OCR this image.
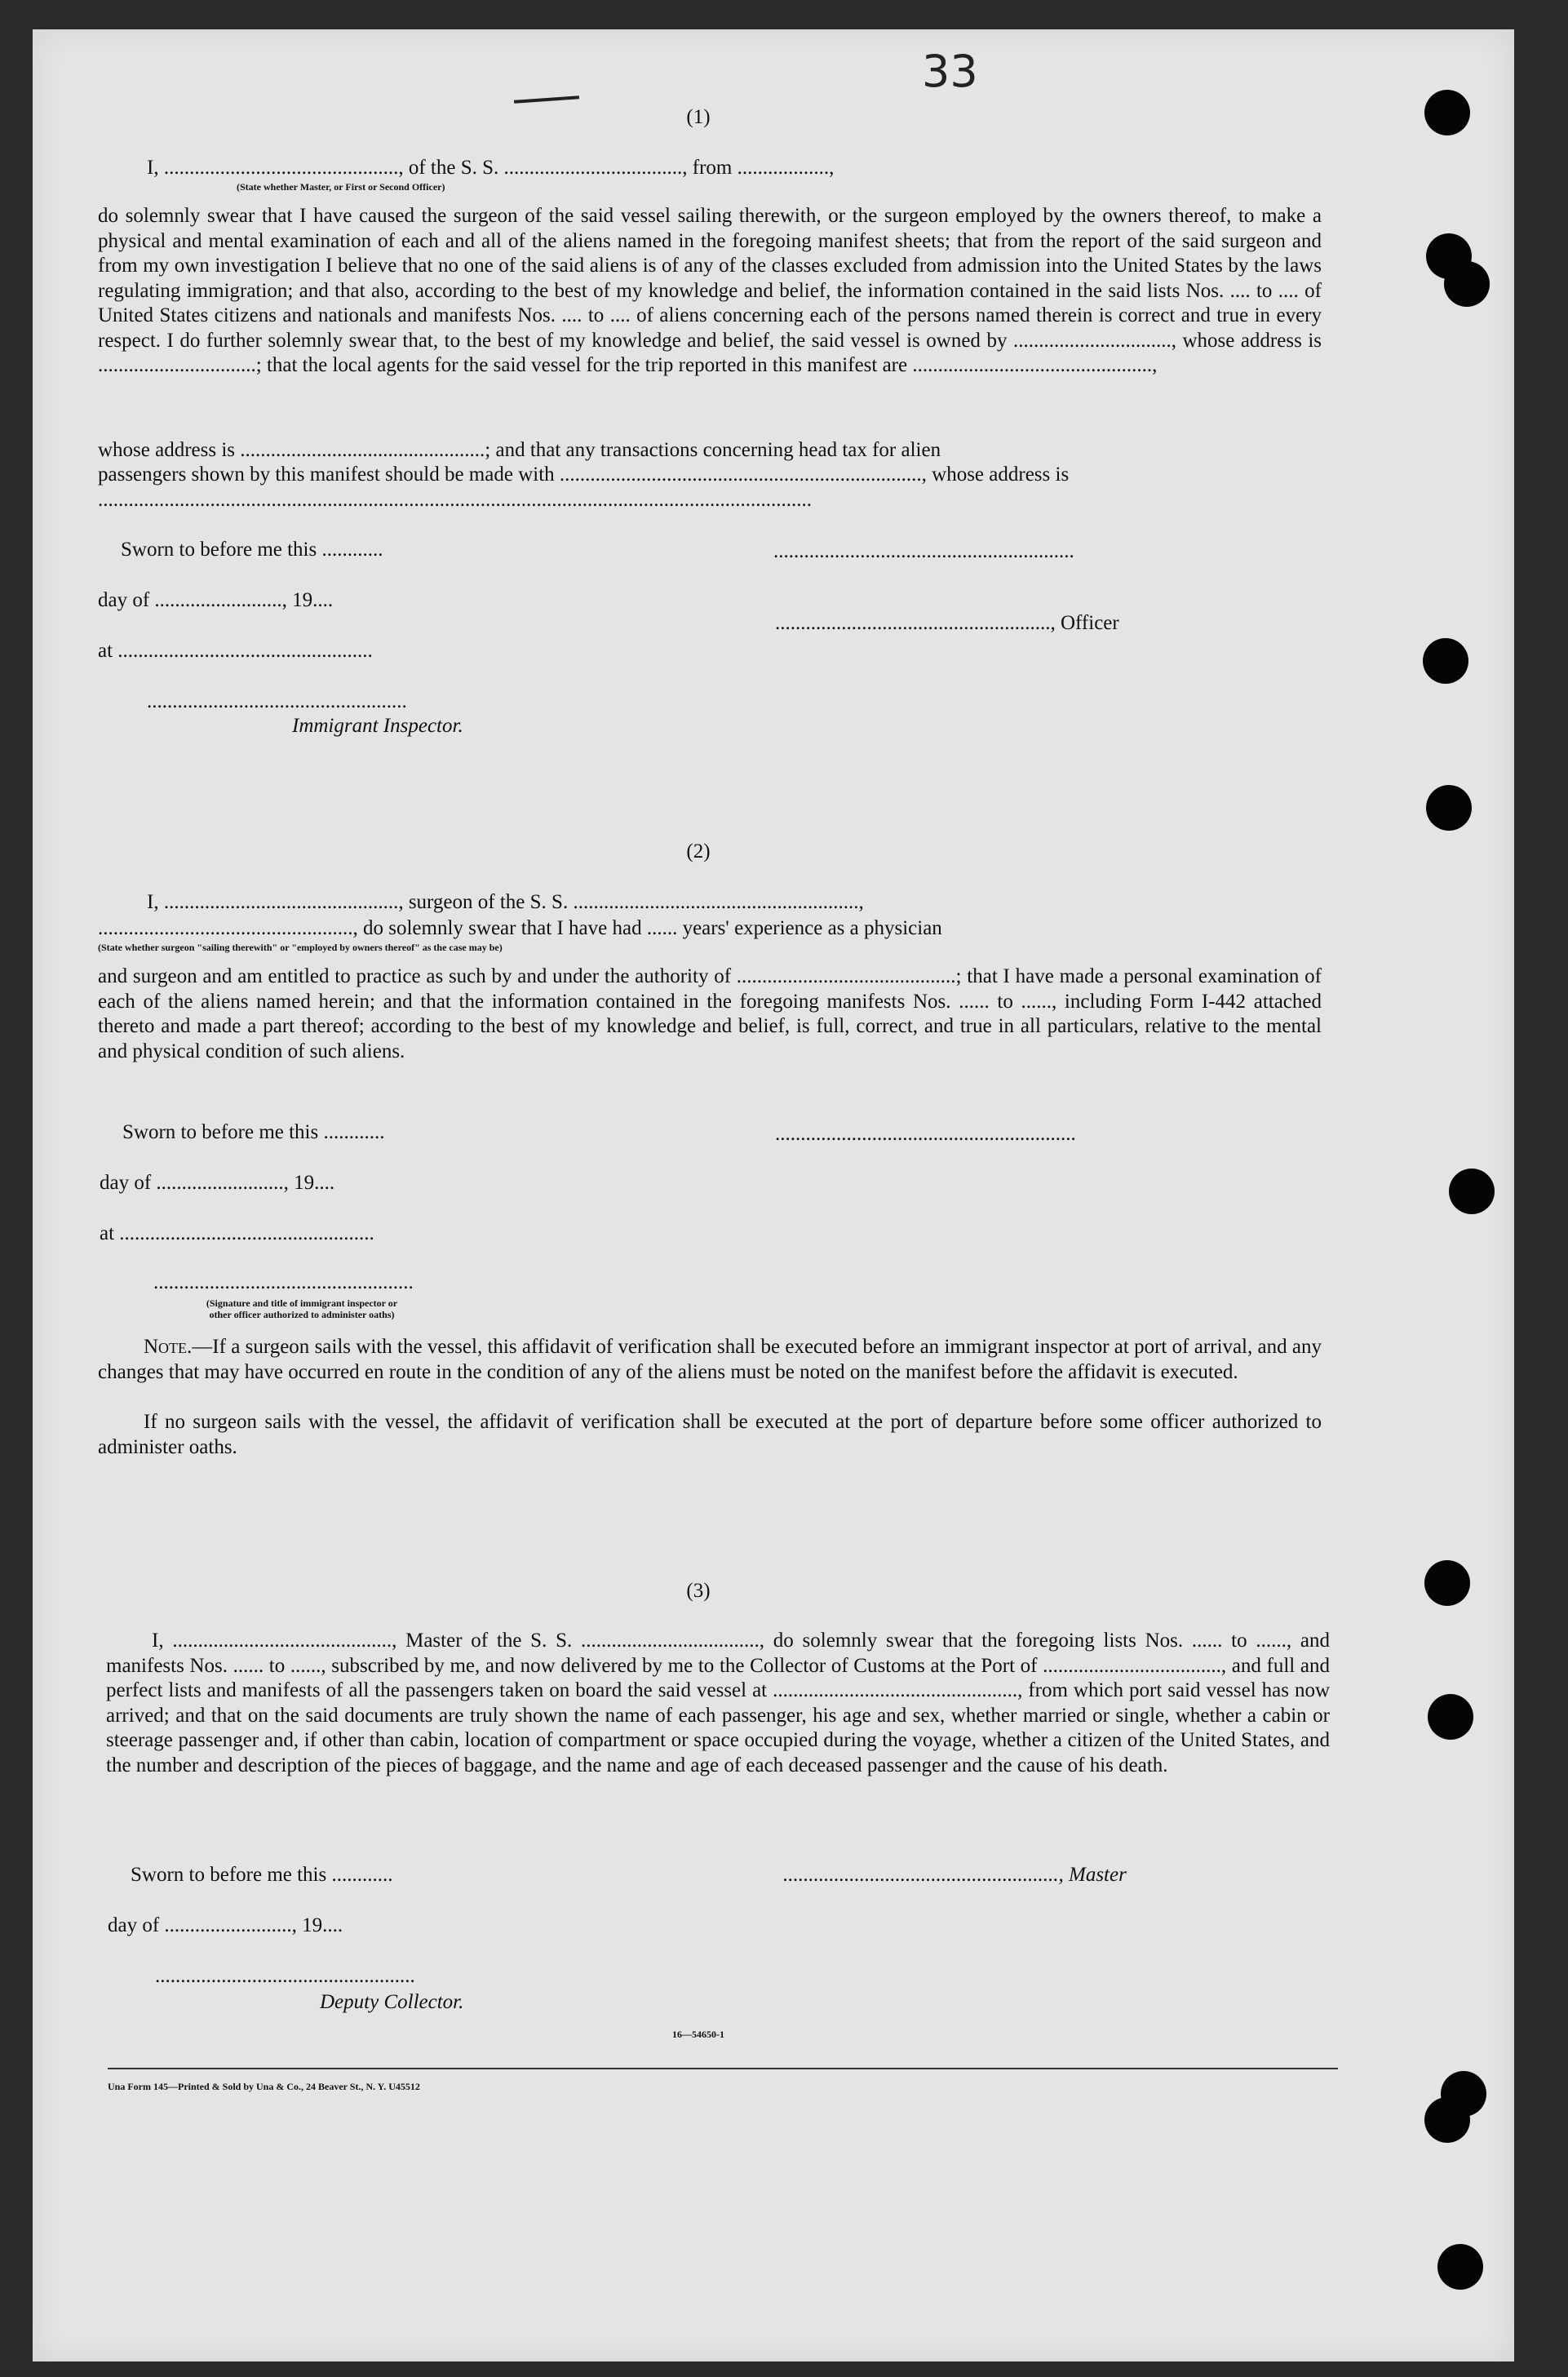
33
(1)
I, .............................................., of the S. S. ..................................., from ..................,
(State whether Master, or First or Second Officer)
do solemnly swear that I have caused the surgeon of the said vessel sailing therewith, or the surgeon employed by the owners thereof, to make a physical and mental examination of each and all of the aliens named in the foregoing manifest sheets; that from the report of the said surgeon and from my own investigation I believe that no one of the said aliens is of any of the classes excluded from admission into the United States by the laws regulating immigration; and that also, according to the best of my knowledge and belief, the information contained in the said lists Nos. .... to .... of United States citizens and nationals and manifests Nos. .... to .... of aliens concerning each of the persons named therein is correct and true in every respect. I do further solemnly swear that, to the best of my knowledge and belief, the said vessel is owned by ..............................., whose address is ...............................; that the local agents for the said vessel for the trip reported in this manifest are ...............................................,
whose address is ................................................; and that any transactions concerning head tax for alien
passengers shown by this manifest should be made with ......................................................................., whose address is
............................................................................................................................................
Sworn to before me this ............	...........................................................
day of ........................., 19....
......................................................, Officer
at ..................................................
...................................................
Immigrant Inspector.
(2)
I, .............................................., surgeon of the S. S. ........................................................,
.................................................., do solemnly swear that I have had ...... years' experience as a physician
(State whether surgeon "sailing therewith" or "employed by owners thereof" as the case may be)
and surgeon and am entitled to practice as such by and under the authority of ...........................................; that I have made a personal examination of each of the aliens named herein; and that the information contained in the foregoing manifests Nos. ...... to ......, including Form I-442 attached thereto and made a part thereof; according to the best of my knowledge and belief, is full, correct, and true in all particulars, relative to the mental and physical condition of such aliens.
Sworn to before me this ............	...........................................................
day of ........................., 19....
at ..................................................
...................................................
(Signature and title of immigrant inspector or
other officer authorized to administer oaths)
Note.—If a surgeon sails with the vessel, this affidavit of verification shall be executed before an immigrant inspector at port of arrival, and any changes that may have occurred en route in the condition of any of the aliens must be noted on the manifest before the affidavit is executed.
If no surgeon sails with the vessel, the affidavit of verification shall be executed at the port of departure before some officer authorized to administer oaths.
(3)
I, ..........................................., Master of the S. S. ..................................., do solemnly swear that the foregoing lists Nos. ...... to ......, and manifests Nos. ...... to ......, subscribed by me, and now delivered by me to the Collector of Customs at the Port of ..................................., and full and perfect lists and manifests of all the passengers taken on board the said vessel at ................................................, from which port said vessel has now arrived; and that on the said documents are truly shown the name of each passenger, his age and sex, whether married or single, whether a cabin or steerage passenger and, if other than cabin, location of compartment or space occupied during the voyage, whether a citizen of the United States, and the number and description of the pieces of baggage, and the name and age of each deceased passenger and the cause of his death.
Sworn to before me this ............	......................................................, Master
day of ........................., 19....
...................................................
Deputy Collector.
16—54650-1
Una Form 145—Printed & Sold by Una & Co., 24 Beaver St., N. Y. U45512
